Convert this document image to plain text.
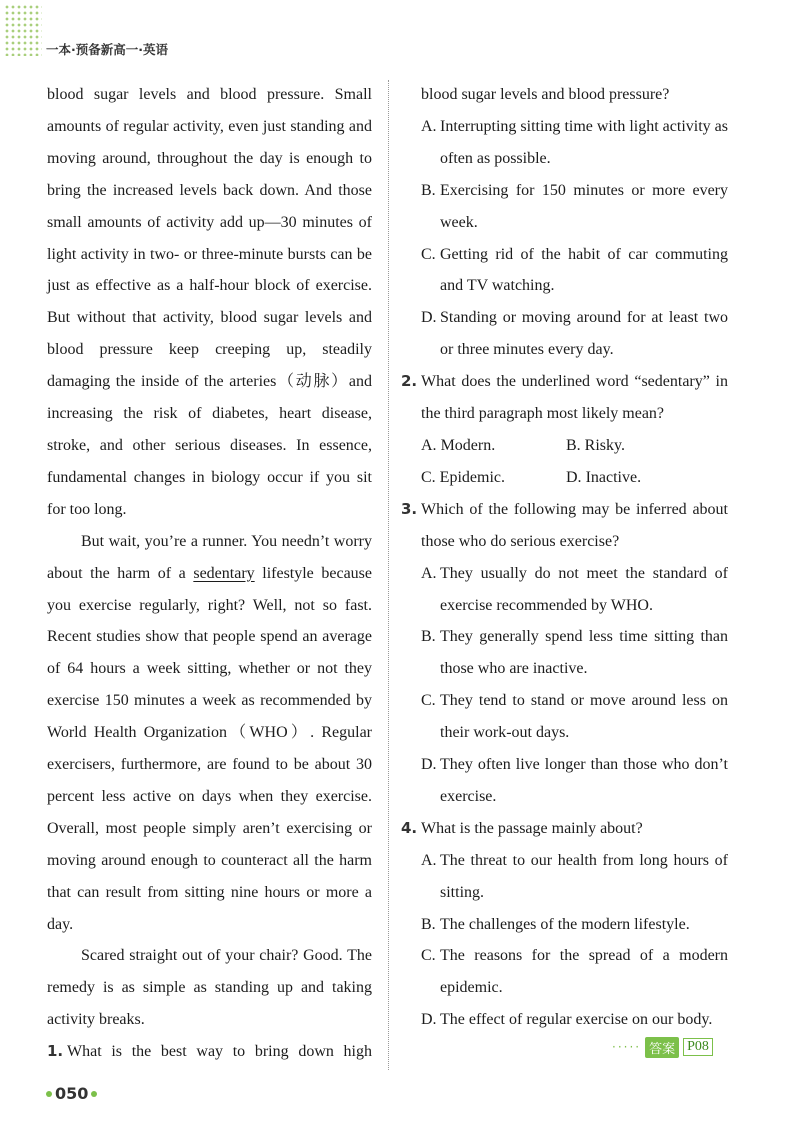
一本·预备新高一·英语

blood sugar levels and blood pressure. Small amounts of regular activity, even just standing and moving around, throughout the day is enough to bring the increased levels back down. And those small amounts of activity add up—30 minutes of light activity in two- or three-minute bursts can be just as effective as a half-hour block of exercise. But without that activity, blood sugar levels and blood pressure keep creeping up, steadily damaging the inside of the arteries（动脉）and increasing the risk of diabetes, heart disease, stroke, and other serious diseases. In essence, fundamental changes in biology occur if you sit for too long.

But wait, you’re a runner. You needn’t worry about the harm of a sedentary lifestyle because you exercise regularly, right? Well, not so fast. Recent studies show that people spend an average of 64 hours a week sitting, whether or not they exercise 150 minutes a week as recommended by World Health Organization（WHO）. Regular exercisers, furthermore, are found to be about 30 percent less active on days when they exercise. Overall, most people simply aren’t exercising or moving around enough to counteract all the harm that can result from sitting nine hours or more a day.

Scared straight out of your chair? Good. The remedy is as simple as standing up and taking activity breaks.

1. What is the best way to bring down high

blood sugar levels and blood pressure?

A. Interrupting sitting time with light activity as often as possible.
B. Exercising for 150 minutes or more every week.
C. Getting rid of the habit of car commuting and TV watching.
D. Standing or moving around for at least two or three minutes every day.
2. What does the underlined word “sedentary” in the third paragraph most likely mean?
A. Modern.	B. Risky.
C. Epidemic.	D. Inactive.
3. Which of the following may be inferred about those who do serious exercise?
A. They usually do not meet the standard of exercise recommended by WHO.
B. They generally spend less time sitting than those who are inactive.
C. They tend to stand or move around less on their work-out days.
D. They often live longer than those who don’t exercise.
4. What is the passage mainly about?
A. The threat to our health from long hours of sitting.
B. The challenges of the modern lifestyle.
C. The reasons for the spread of a modern epidemic.
D. The effect of regular exercise on our body.
····· 答案 P08
050
